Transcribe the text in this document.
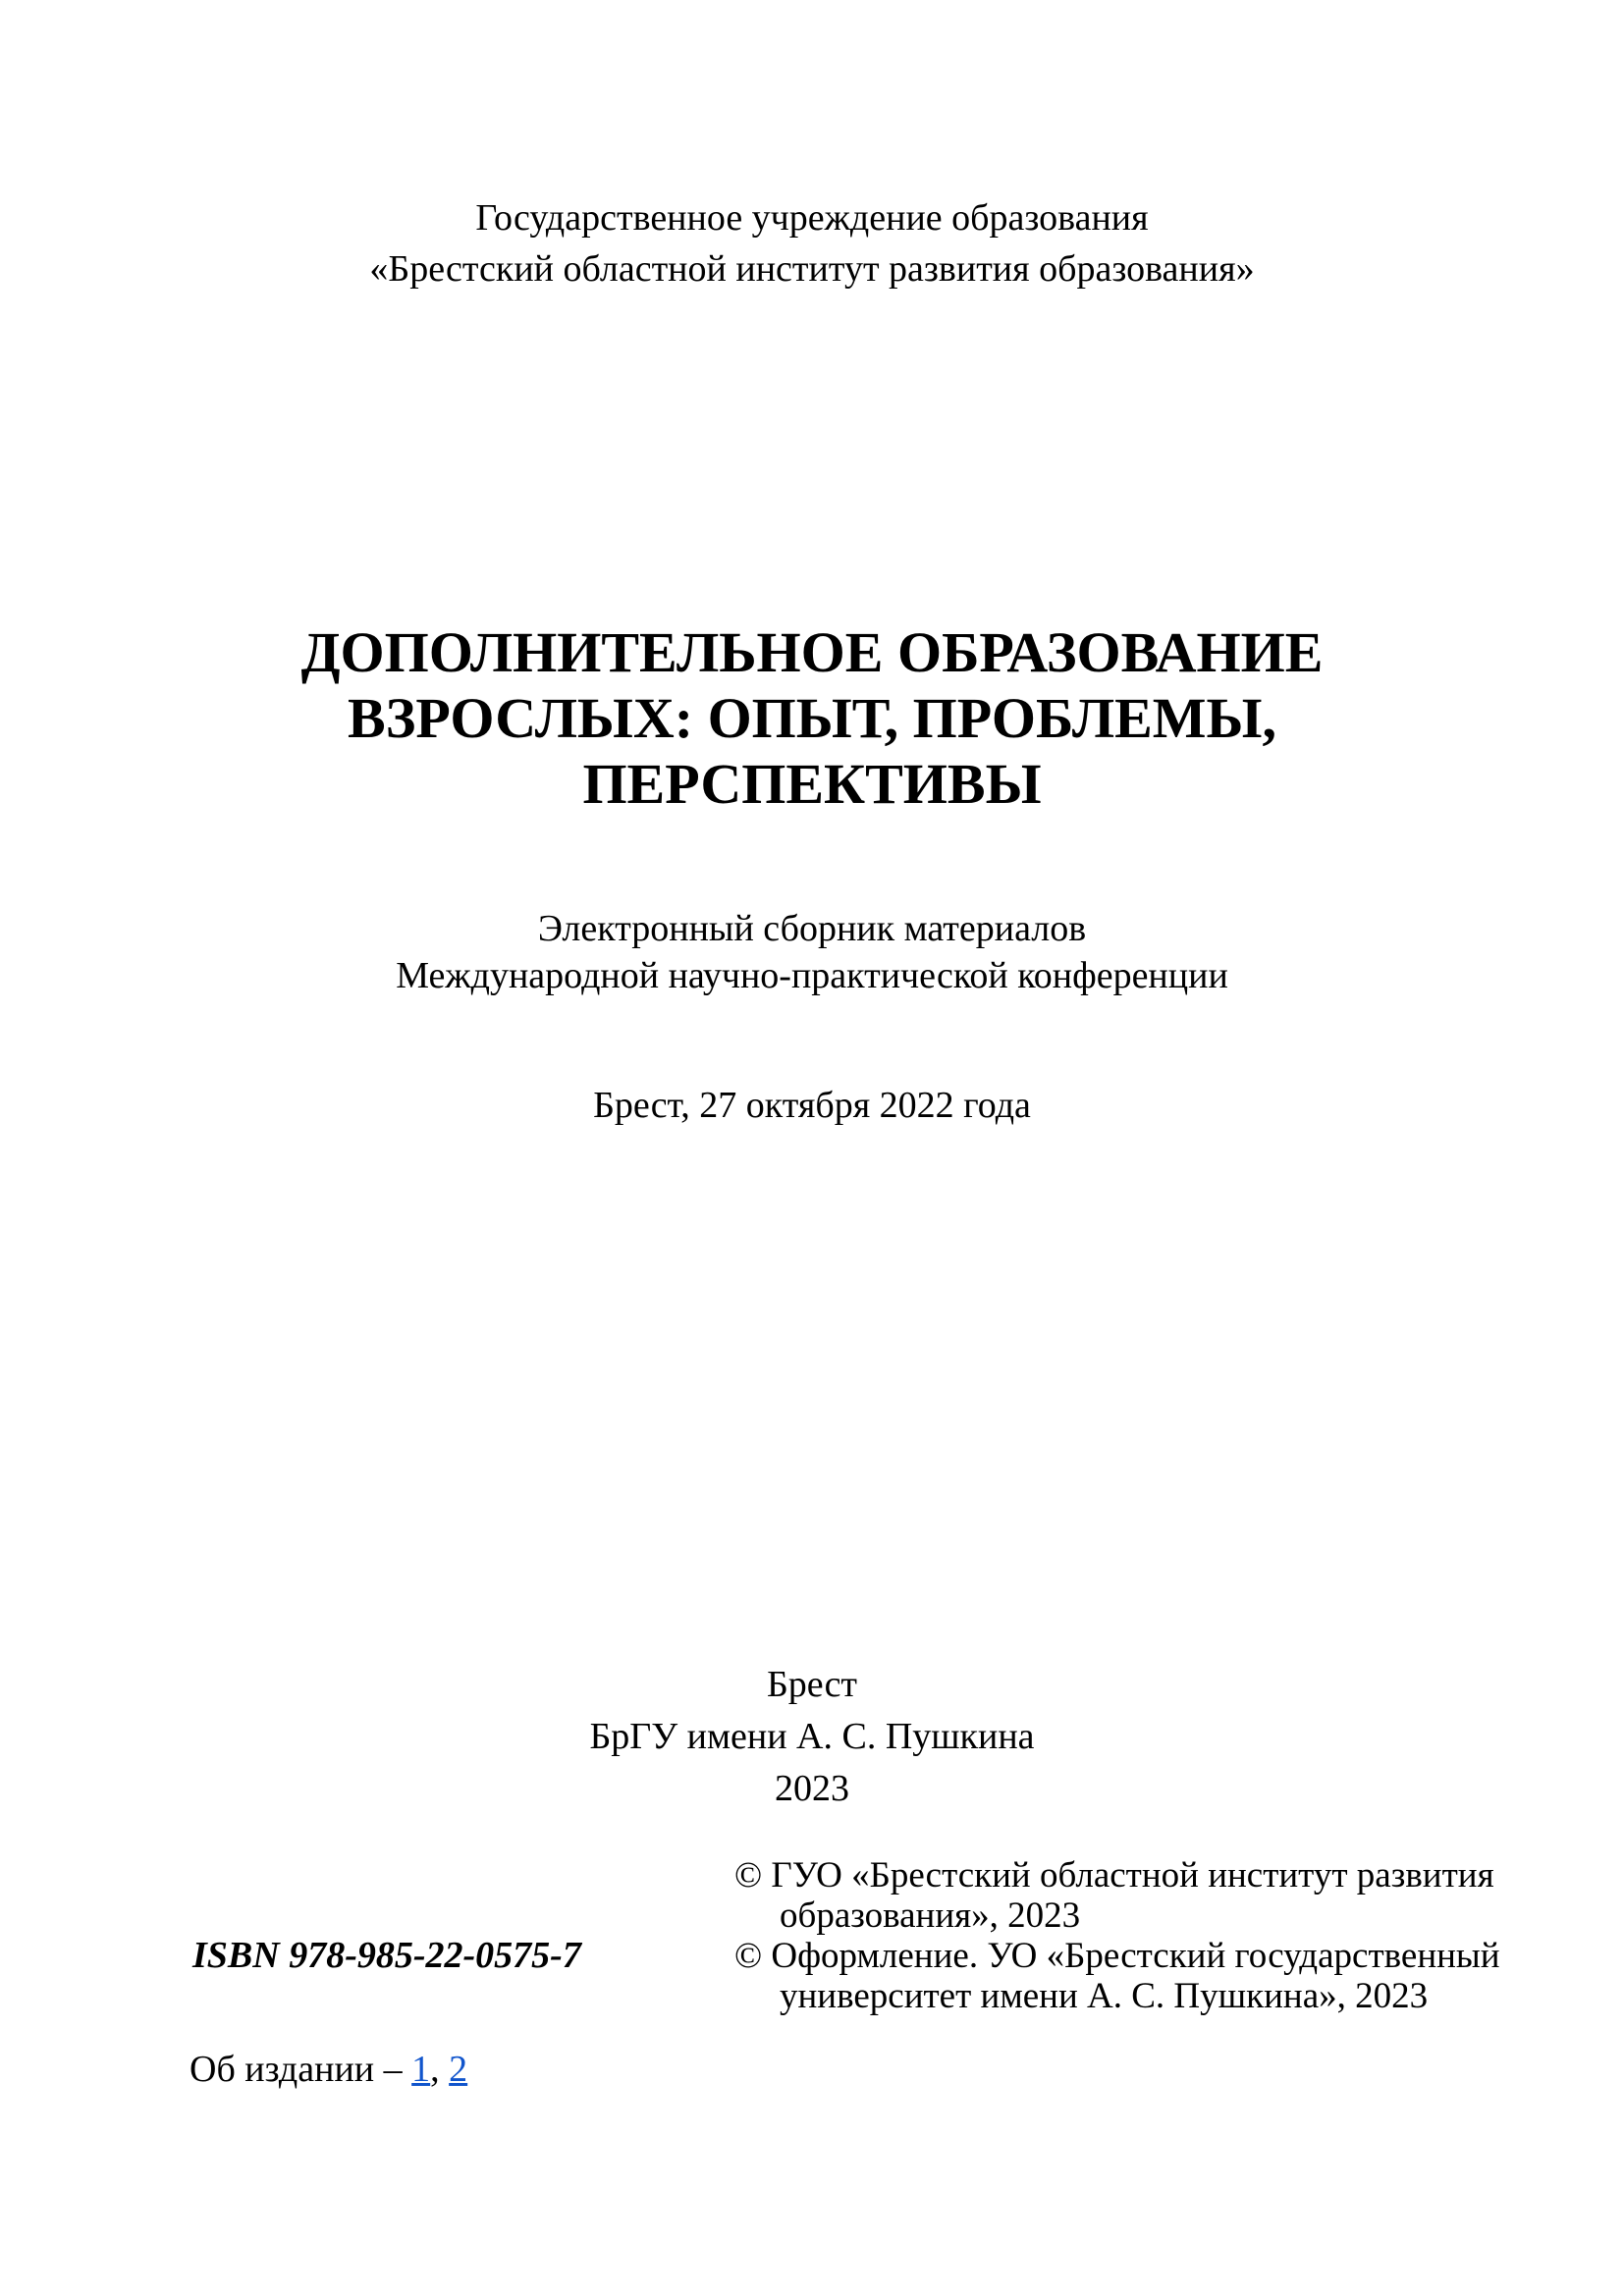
Государственное учреждение образования
«Брестский областной институт развития образования»
ДОПОЛНИТЕЛЬНОЕ ОБРАЗОВАНИЕ
ВЗРОСЛЫХ: ОПЫТ, ПРОБЛЕМЫ,
ПЕРСПЕКТИВЫ
Электронный сборник материалов
Международной научно-практической конференции
Брест, 27 октября 2022 года
Брест
БрГУ имени А. С. Пушкина
2023
ISBN 978-985-22-0575-7
© ГУО «Брестский областной институт развития
образования», 2023
© Оформление. УО «Брестский государственный
университет имени А. С. Пушкина», 2023
Об издании – 1, 2
